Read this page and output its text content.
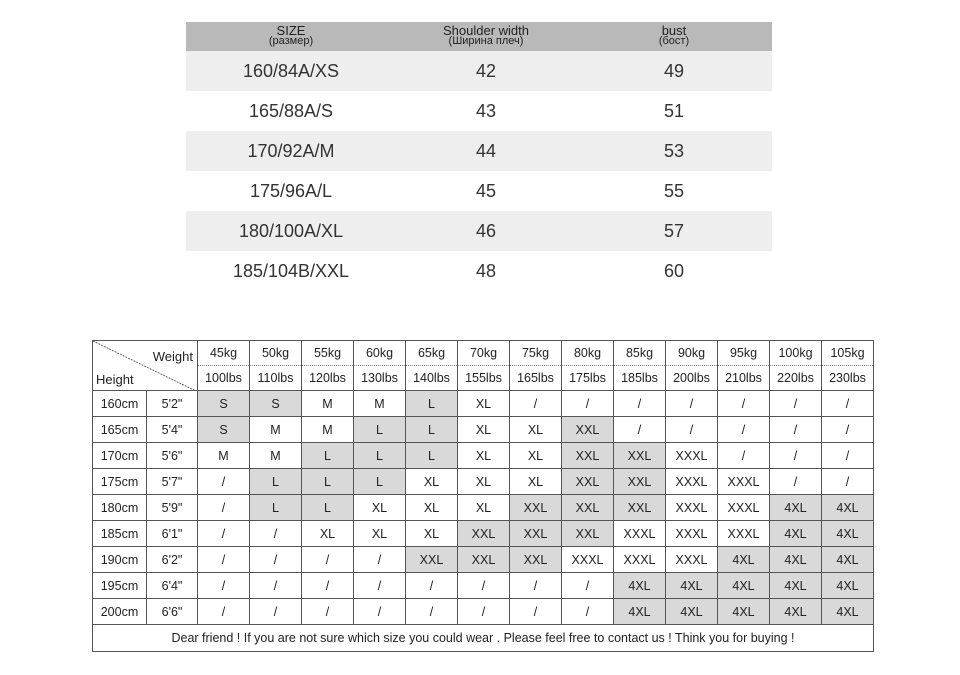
SIZE
(размер)
Shoulder width
(Ширина плеч)
bust
(бост)
160/84A/XS	42	49
165/88A/S	43	51
170/92A/M	44	53
175/96A/L	45	55
180/100A/XL	46	57
185/104B/XXL	48	60
Weight
Height		45kg	50kg	55kg	60kg	65kg	70kg	75kg	80kg	85kg	90kg	95kg	100kg	105kg
		100lbs	110lbs	120lbs	130lbs	140lbs	155lbs	165lbs	175lbs	185lbs	200lbs	210lbs	220lbs	230lbs
160cm	5'2"	S	S	M	M	L	XL	/	/	/	/	/	/	/
165cm	5'4"	S	M	M	L	L	XL	XL	XXL	/	/	/	/	/
170cm	5'6"	M	M	L	L	L	XL	XL	XXL	XXL	XXXL	/	/	/
175cm	5'7"	/	L	L	L	XL	XL	XL	XXL	XXL	XXXL	XXXL	/	/
180cm	5'9"	/	L	L	XL	XL	XL	XXL	XXL	XXL	XXXL	XXXL	4XL	4XL
185cm	6'1"	/	/	XL	XL	XL	XXL	XXL	XXL	XXXL	XXXL	XXXL	4XL	4XL
190cm	6'2"	/	/	/	/	XXL	XXL	XXL	XXXL	XXXL	XXXL	4XL	4XL	4XL
195cm	6'4"	/	/	/	/	/	/	/	/	4XL	4XL	4XL	4XL	4XL
200cm	6'6"	/	/	/	/	/	/	/	/	4XL	4XL	4XL	4XL	4XL
Dear friend ! If you are not sure which size you could wear . Please feel free to contact us ! Think you for buying !														
